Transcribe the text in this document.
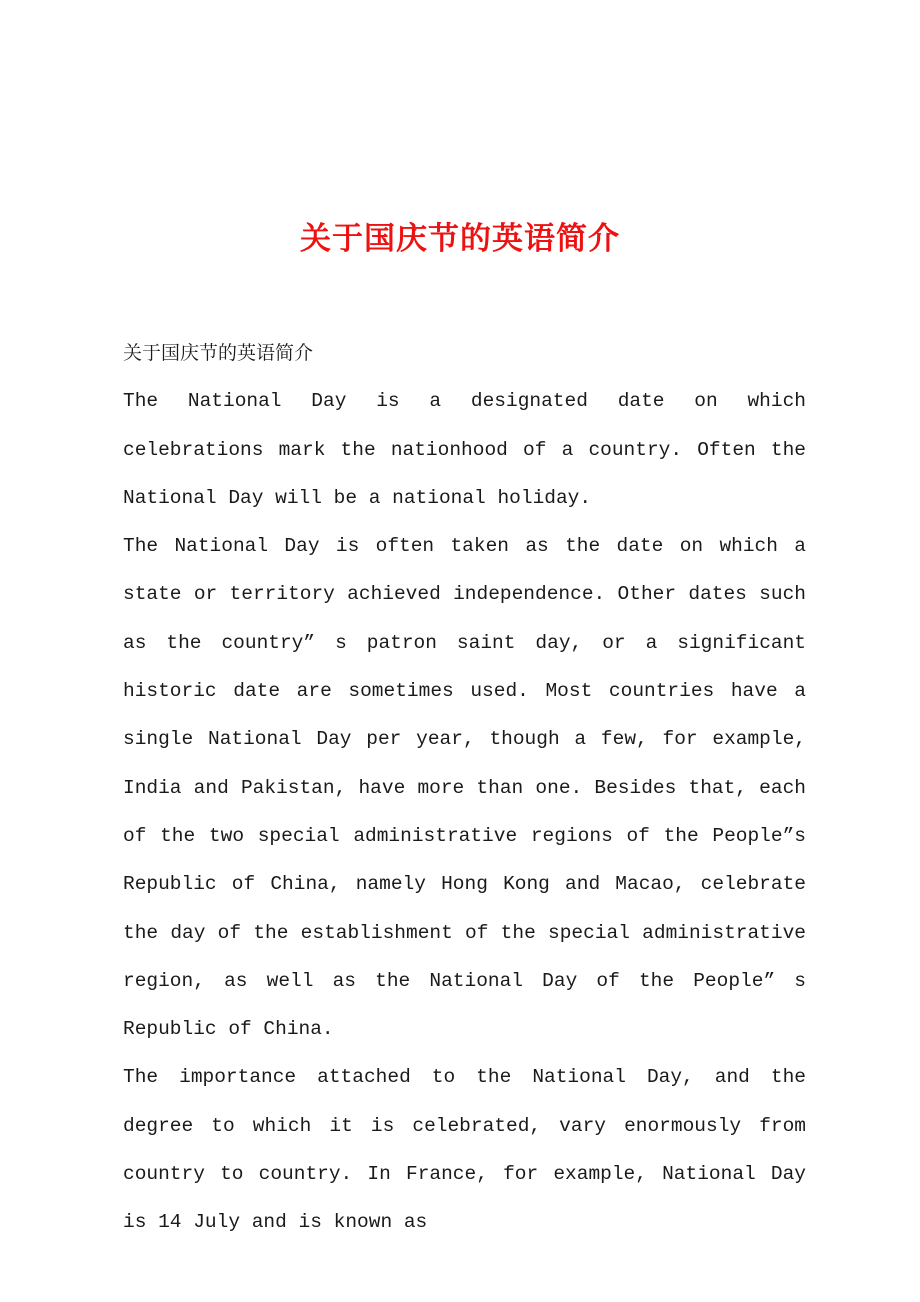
关于国庆节的英语简介

关于国庆节的英语简介

The National Day is a designated date on which celebrations mark the nationhood of a country. Often the National Day will be a national holiday.

The National Day is often taken as the date on which a state or territory achieved independence. Other dates such as the country” s patron saint day, or a significant historic date are sometimes used. Most countries have a single National Day per year, though a few, for example, India and Pakistan, have more than one. Besides that, each of the two special administrative regions of the People”s Republic of China, namely Hong Kong and Macao, celebrate the day of the establishment of the special administrative region, as well as the National Day of the People” s Republic of China.

The importance attached to the National Day, and the degree to which it is celebrated, vary enormously from country to country. In France, for example, National Day is 14 July and is known as
